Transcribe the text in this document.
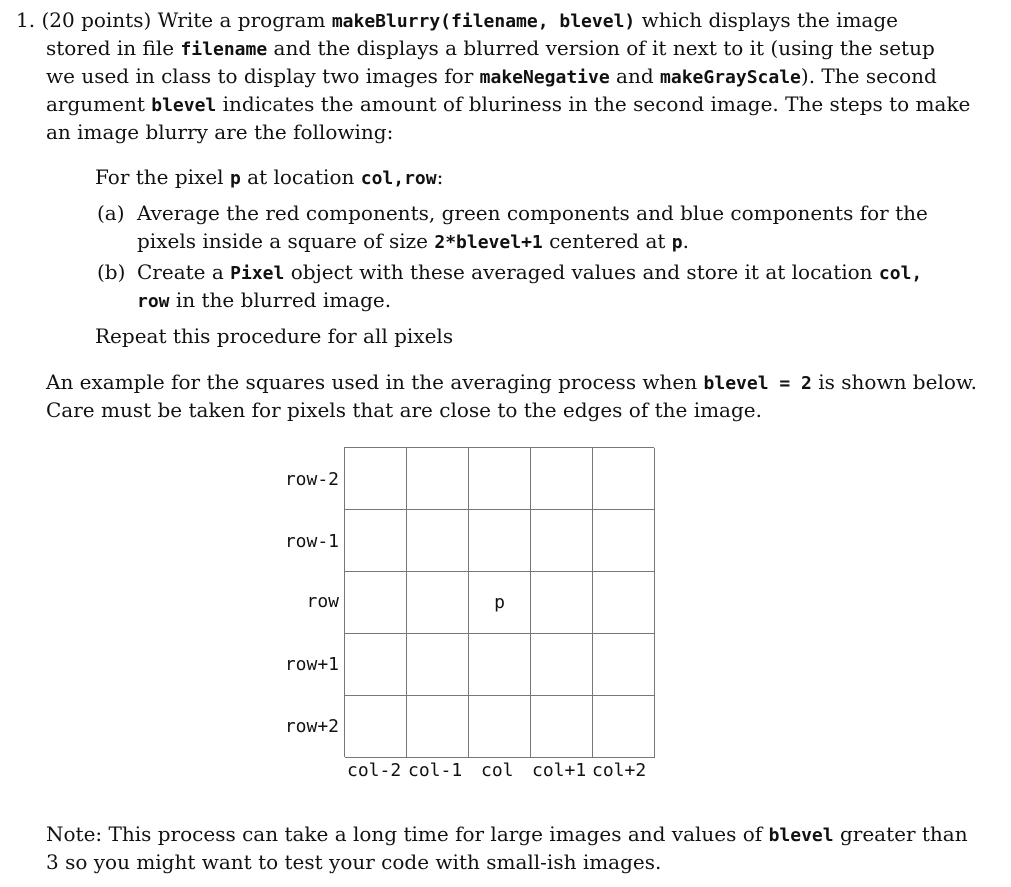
1. (20 points) Write a program makeBlurry(filename, blevel) which displays the image
stored in file filename and the displays a blurred version of it next to it (using the setup
we used in class to display two images for makeNegative and makeGrayScale). The second
argument blevel indicates the amount of bluriness in the second image. The steps to make
an image blurry are the following:
For the pixel p at location col,row:
(a) Average the red components, green components and blue components for the
pixels inside a square of size 2*blevel+1 centered at p.
(b) Create a Pixel object with these averaged values and store it at location col,
row in the blurred image.
Repeat this procedure for all pixels
An example for the squares used in the averaging process when blevel = 2 is shown below.
Care must be taken for pixels that are close to the edges of the image.
row-2
row-1
row
row+1
row+2
p
col-2 col-1 col col+1 col+2
Note: This process can take a long time for large images and values of blevel greater than
3 so you might want to test your code with small-ish images.
